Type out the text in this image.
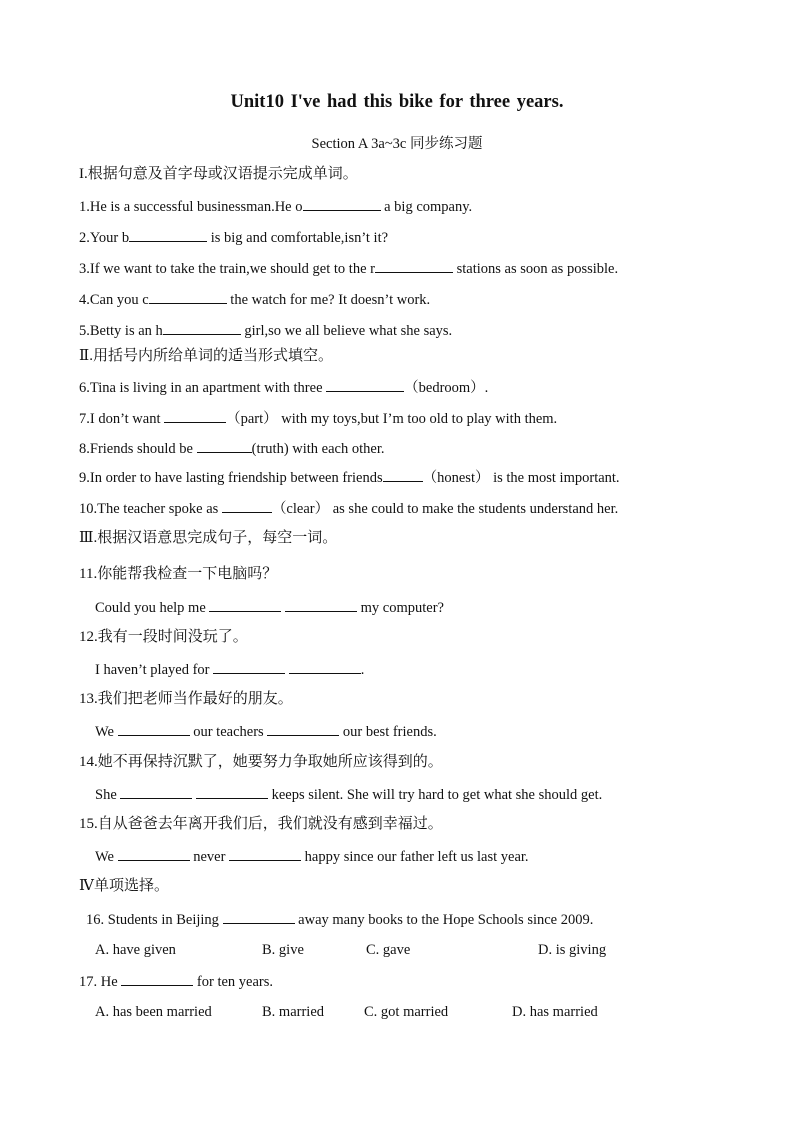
Unit10 I've had this bike for three years.
Section A 3a~3c 同步练习题
I.根据句意及首字母或汉语提示完成单词。
1.He is a successful businessman.He o	a big company.
2.Your b	is big and comfortable,isn’t it?
3.If we want to take the train,we should get to the r	stations as soon as possible.
4.Can you c	the watch for me? It doesn’t work.
5.Betty is an h	girl,so we all believe what she says.
Ⅱ.用括号内所给单词的适当形式填空。
6.Tina is living in an apartment with three	（bedroom）.
7.I don’t want	（part） with my toys,but I’m too old to play with them.
8.Friends should be	(truth) with each other.
9.In order to have lasting friendship between friends	（honest） is the most important.
10.The teacher spoke as	（clear） as she could to make the students understand her.
Ⅲ.根据汉语意思完成句子，每空一词。
11.你能帮我检查一下电脑吗？
Could you help me	my computer?
12.我有一段时间没玩了。
I haven’t played for	.
13.我们把老师当作最好的朋友。
We	our teachers	our best friends.
14.她不再保持沉默了，她要努力争取她所应该得到的。
She	keeps silent. She will try hard to get what she should get.
15.自从爸爸去年离开我们后，我们就没有感到幸福过。
We	never	happy since our father left us last year.
Ⅳ单项选择。
16. Students in Beijing	away many books to the Hope Schools since 2009.
A. have given	B. give	C. gave	D. is giving
17. He	for ten years.
A. has been married	B. married	C. got married	D. has married
